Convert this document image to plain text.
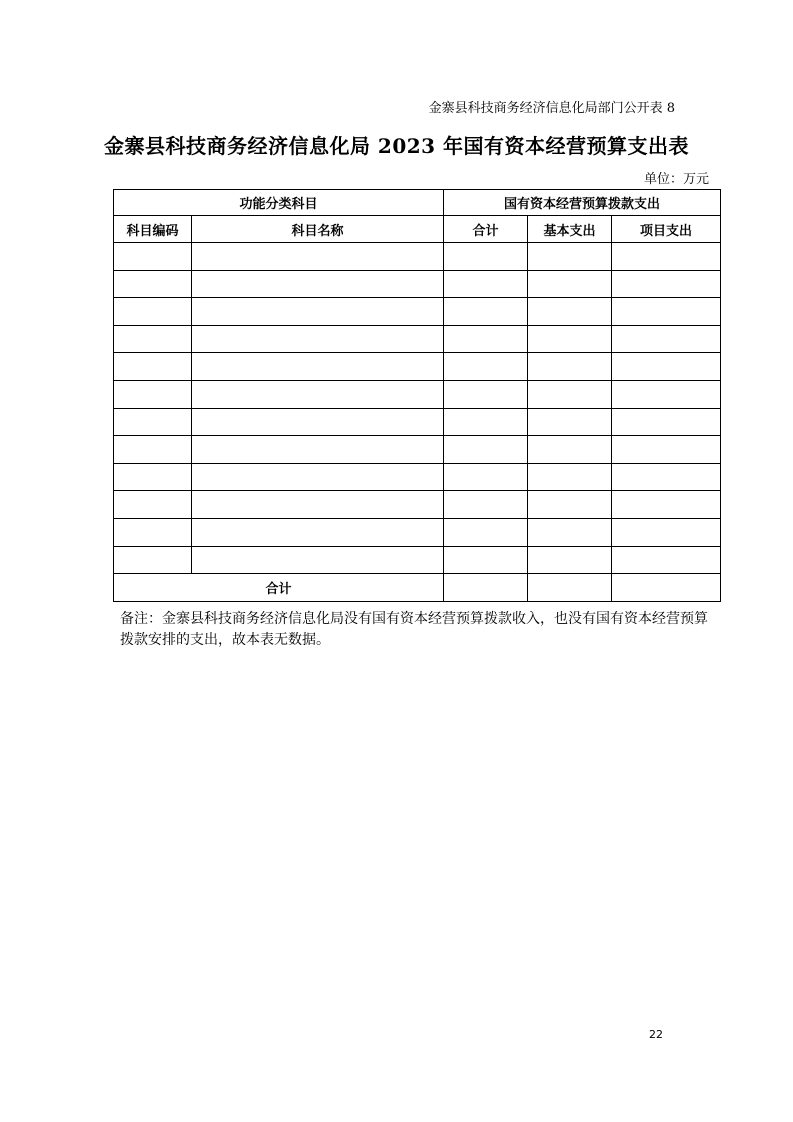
金寨县科技商务经济信息化局部门公开表 8
金寨县科技商务经济信息化局 2023 年国有资本经营预算支出表
单位：万元
功能分类科目		国有资本经营预算拨款支出		
科目编码	科目名称	合计	基本支出	项目支出

合计				
备注：金寨县科技商务经济信息化局没有国有资本经营预算拨款收入，也没有国有资本经营预算拨款安排的支出，故本表无数据。
22
